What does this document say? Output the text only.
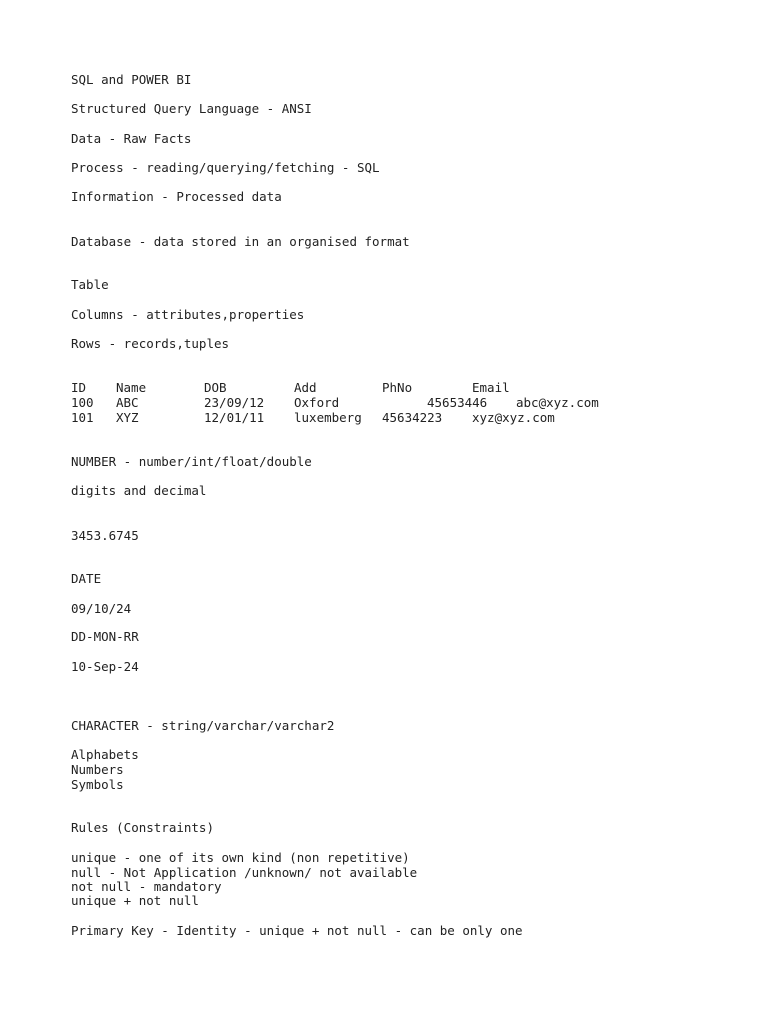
SQL and POWER BI
Structured Query Language - ANSI
Data - Raw Facts
Process - reading/querying/fetching - SQL
Information - Processed data
Database - data stored in an organised format
Table
Columns - attributes,properties
Rows - records,tuples
ID Name	DOB	Add	PhNo	Email
100 ABC	23/09/12 Oxford	45653446 abc@xyz.com
101 XYZ	12/01/11 luxemberg 45634223 xyz@xyz.com
NUMBER - number/int/float/double
digits and decimal
3453.6745
DATE
09/10/24
DD-MON-RR
10-Sep-24
CHARACTER - string/varchar/varchar2
Alphabets
Numbers
Symbols
Rules (Constraints)
unique - one of its own kind (non repetitive)
null - Not Application /unknown/ not available
not null - mandatory
unique + not null
Primary Key - Identity - unique + not null - can be only one
